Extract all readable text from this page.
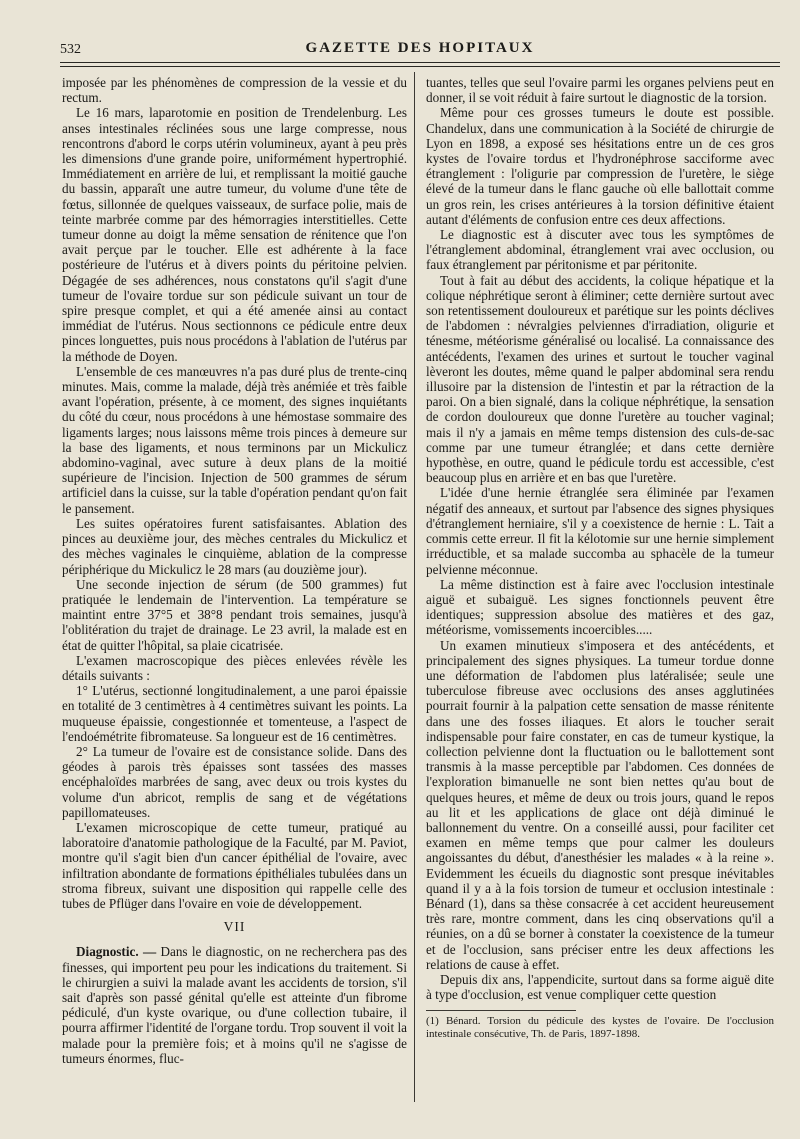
532	GAZETTE DES HOPITAUX

imposée par les phénomènes de compression de la vessie et du rectum.

Le 16 mars, laparotomie en position de Trendelenburg. Les anses intestinales réclinées sous une large compresse, nous rencontrons d'abord le corps utérin volumineux, ayant à peu près les dimensions d'une grande poire, uniformément hypertrophié. Immédiatement en arrière de lui, et remplissant la moitié gauche du bassin, apparaît une autre tumeur, du volume d'une tête de fœtus, sillonnée de quelques vaisseaux, de surface polie, mais de teinte marbrée comme par des hémorragies interstitielles. Cette tumeur donne au doigt la même sensation de rénitence que l'on avait perçue par le toucher. Elle est adhérente à la face postérieure de l'utérus et à divers points du péritoine pelvien. Dégagée de ses adhérences, nous constatons qu'il s'agit d'une tumeur de l'ovaire tordue sur son pédicule suivant un tour de spire presque complet, et qui a été amenée ainsi au contact immédiat de l'utérus. Nous sectionnons ce pédicule entre deux pinces longuettes, puis nous procédons à l'ablation de l'utérus par la méthode de Doyen.

L'ensemble de ces manœuvres n'a pas duré plus de trente-cinq minutes. Mais, comme la malade, déjà très anémiée et très faible avant l'opération, présente, à ce moment, des signes inquiétants du côté du cœur, nous procédons à une hémostase sommaire des ligaments larges; nous laissons même trois pinces à demeure sur la base des ligaments, et nous terminons par un Mickulicz abdomino-vaginal, avec suture à deux plans de la moitié supérieure de l'incision. Injection de 500 grammes de sérum artificiel dans la cuisse, sur la table d'opération pendant qu'on fait le pansement.

Les suites opératoires furent satisfaisantes. Ablation des pinces au deuxième jour, des mèches centrales du Mickulicz et des mèches vaginales le cinquième, ablation de la compresse périphérique du Mickulicz le 28 mars (au douzième jour).

Une seconde injection de sérum (de 500 grammes) fut pratiquée le lendemain de l'intervention. La température se maintint entre 37°5 et 38°8 pendant trois semaines, jusqu'à l'oblitération du trajet de drainage. Le 23 avril, la malade est en état de quitter l'hôpital, sa plaie cicatrisée.

L'examen macroscopique des pièces enlevées révèle les détails suivants :

1° L'utérus, sectionné longitudinalement, a une paroi épaissie en totalité de 3 centimètres à 4 centimètres suivant les points. La muqueuse épaissie, congestionnée et tomenteuse, a l'aspect de l'endoémétrite fibromateuse. Sa longueur est de 16 centimètres.

2° La tumeur de l'ovaire est de consistance solide. Dans des géodes à parois très épaisses sont tassées des masses encéphaloïdes marbrées de sang, avec deux ou trois kystes du volume d'un abricot, remplis de sang et de végétations papillomateuses.

L'examen microscopique de cette tumeur, pratiqué au laboratoire d'anatomie pathologique de la Faculté, par M. Paviot, montre qu'il s'agit bien d'un cancer épithélial de l'ovaire, avec infiltration abondante de formations épithéliales tubulées dans un stroma fibreux, suivant une disposition qui rappelle celle des tubes de Pflüger dans l'ovaire en voie de développement.

VII

Diagnostic. — Dans le diagnostic, on ne recherchera pas des finesses, qui importent peu pour les indications du traitement. Si le chirurgien a suivi la malade avant les accidents de torsion, s'il sait d'après son passé génital qu'elle est atteinte d'un fibrome pédiculé, d'un kyste ovarique, ou d'une collection tubaire, il pourra affirmer l'identité de l'organe tordu. Trop souvent il voit la malade pour la première fois; et à moins qu'il ne s'agisse de tumeurs énormes, fluc-

tuantes, telles que seul l'ovaire parmi les organes pelviens peut en donner, il se voit réduit à faire surtout le diagnostic de la torsion.

Même pour ces grosses tumeurs le doute est possible. Chandelux, dans une communication à la Société de chirurgie de Lyon en 1898, a exposé ses hésitations entre un de ces gros kystes de l'ovaire tordus et l'hydronéphrose sacciforme avec étranglement : l'oligurie par compression de l'uretère, le siège élevé de la tumeur dans le flanc gauche où elle ballottait comme un gros rein, les crises antérieures à la torsion définitive étaient autant d'éléments de confusion entre ces deux affections.

Le diagnostic est à discuter avec tous les symptômes de l'étranglement abdominal, étranglement vrai avec occlusion, ou faux étranglement par péritonisme et par péritonite.

Tout à fait au début des accidents, la colique hépatique et la colique néphrétique seront à éliminer; cette dernière surtout avec son retentissement douloureux et parétique sur les points déclives de l'abdomen : névralgies pelviennes d'irradiation, oligurie et ténesme, météorisme généralisé ou localisé. La connaissance des antécédents, l'examen des urines et surtout le toucher vaginal lèveront les doutes, même quand le palper abdominal sera rendu illusoire par la distension de l'intestin et par la rétraction de la paroi. On a bien signalé, dans la colique néphrétique, la sensation de cordon douloureux que donne l'uretère au toucher vaginal; mais il n'y a jamais en même temps distension des culs-de-sac comme par une tumeur étranglée; et dans cette dernière hypothèse, en outre, quand le pédicule tordu est accessible, c'est beaucoup plus en arrière et en bas que l'uretère.

L'idée d'une hernie étranglée sera éliminée par l'examen négatif des anneaux, et surtout par l'absence des signes physiques d'étranglement herniaire, s'il y a coexistence de hernie : L. Tait a commis cette erreur. Il fit la kélotomie sur une hernie simplement irréductible, et sa malade succomba au sphacèle de la tumeur pelvienne méconnue.

La même distinction est à faire avec l'occlusion intestinale aiguë et subaiguë. Les signes fonctionnels peuvent être identiques; suppression absolue des matières et des gaz, météorisme, vomissements incoercibles.....

Un examen minutieux s'imposera et des antécédents, et principalement des signes physiques. La tumeur tordue donne une déformation de l'abdomen plus latéralisée; seule une tuberculose fibreuse avec occlusions des anses agglutinées pourrait fournir à la palpation cette sensation de masse rénitente dans une des fosses iliaques. Et alors le toucher serait indispensable pour faire constater, en cas de tumeur kystique, la collection pelvienne dont la fluctuation ou le ballottement sont transmis à la masse perceptible par l'abdomen. Ces données de l'exploration bimanuelle ne sont bien nettes qu'au bout de quelques heures, et même de deux ou trois jours, quand le repos au lit et les applications de glace ont déjà diminué le ballonnement du ventre. On a conseillé aussi, pour faciliter cet examen en même temps que pour calmer les douleurs angoissantes du début, d'anesthésier les malades « à la reine ». Evidemment les écueils du diagnostic sont presque inévitables quand il y a à la fois torsion de tumeur et occlusion intestinale : Bénard (1), dans sa thèse consacrée à cet accident heureusement très rare, montre comment, dans les cinq observations qu'il a réunies, on a dû se borner à constater la coexistence de la tumeur et de l'occlusion, sans préciser entre les deux affections les relations de cause à effet.

Depuis dix ans, l'appendicite, surtout dans sa forme aiguë dite à type d'occlusion, est venue compliquer cette question

(1) Bénard. Torsion du pédicule des kystes de l'ovaire. De l'occlusion intestinale consécutive, Th. de Paris, 1897-1898.
